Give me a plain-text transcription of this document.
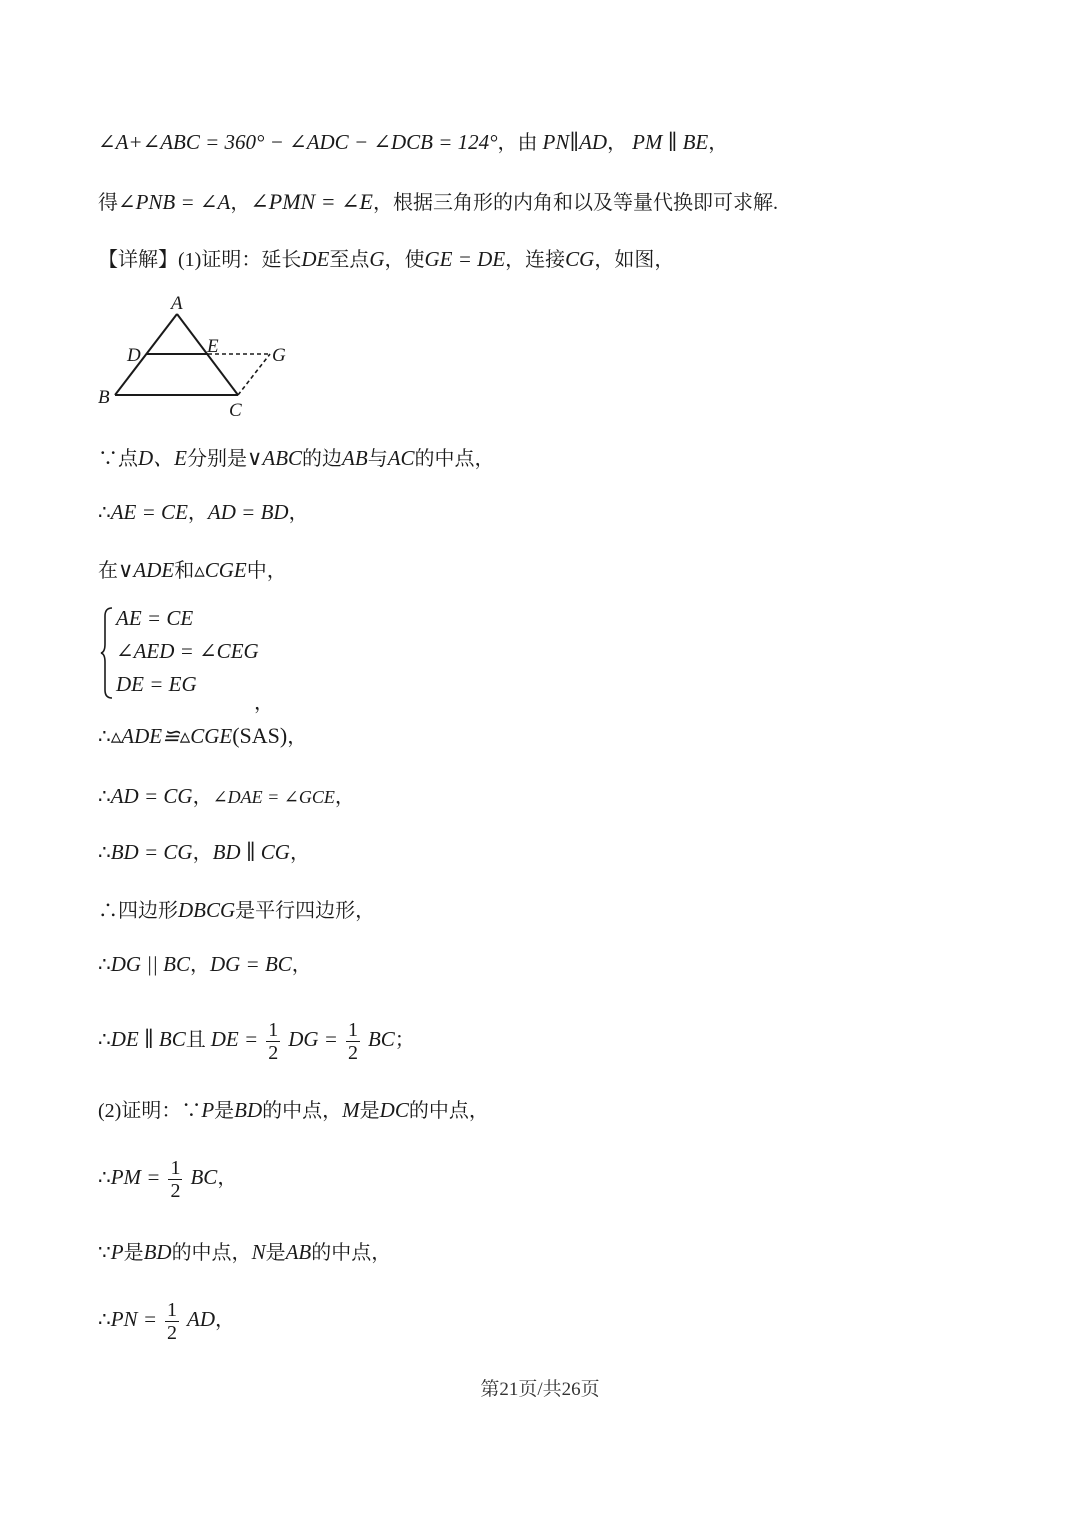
∠A+∠ABC = 360° − ∠ADC − ∠DCB = 124°，由 PN∥AD， PM ∥ BE，
得∠PNB = ∠A，∠PMN = ∠E，根据三角形的内角和以及等量代换即可求解.
【详解】(1)证明：延长DE至点G，使GE = DE，连接CG，如图，
A
D	E	G
B
C
∵点D、E分别是∨ABC的边AB与AC的中点，
∴AE = CE，AD = BD，
在∨ADE和▵CGE中，
AE = CE
∠AED = ∠CEG
DE = EG
，
∴▵ADE≌▵CGE(SAS)，
∴AD = CG，∠DAE = ∠GCE，
∴BD = CG，BD ∥ CG，
∴四边形DBCG是平行四边形，
∴DG || BC，DG = BC，
∴DE ∥ BC且 DE = $\frac{1}{2}$ DG = $\frac{1}{2}$ BC；
(2)证明：∵P是BD的中点，M是DC的中点，
∴PM = $\frac{1}{2}$ BC，
∵P是BD的中点，N是AB的中点，
∴PN = $\frac{1}{2}$ AD，
第21页/共26页
